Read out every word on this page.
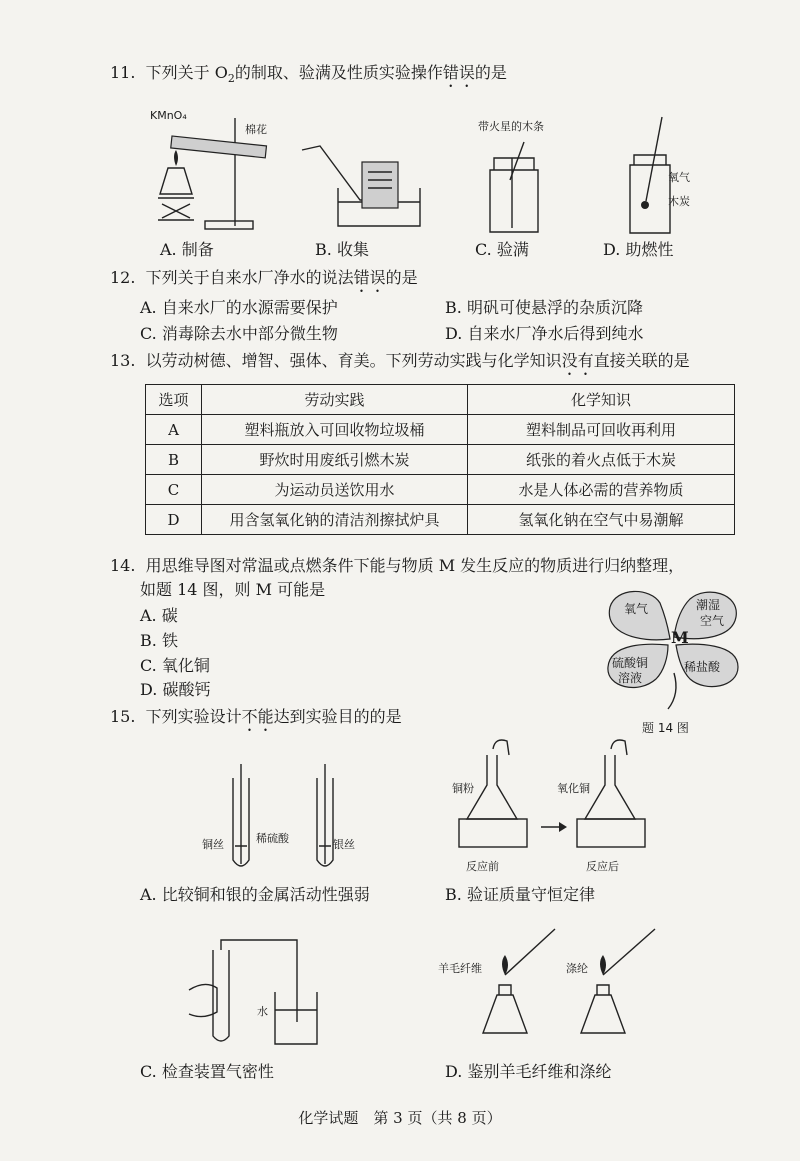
11. 下列关于 $O_2$的制取、验满及性质实验操作错误的是
KMnO₄
棉花	带火星的木条
氧气
木炭
A. 制备	B. 收集	C. 验满	D. 助燃性
12. 下列关于自来水厂净水的说法错误的是
A. 自来水厂的水源需要保护	B. 明矾可使悬浮的杂质沉降
C. 消毒除去水中部分微生物	D. 自来水厂净水后得到纯水
13. 以劳动树德、增智、强体、育美。下列劳动实践与化学知识没有直接关联的是
选项	劳动实践	化学知识
A	塑料瓶放入可回收物垃圾桶	塑料制品可回收再利用
B	野炊时用废纸引燃木炭	纸张的着火点低于木炭
C	为运动员送饮用水	水是人体必需的营养物质
D	用含氢氧化钠的清洁剂擦拭炉具	氢氧化钠在空气中易潮解
14. 用思维导图对常温或点燃条件下能与物质 M 发生反应的物质进行归纳整理，
如题 14 图，则 M 可能是
A. 碳
B. 铁
C. 氧化铜
D. 碳酸钙
M
氧气	潮湿
空气
硫酸铜
溶液
稀盐酸
题 14 图
15. 下列实验设计不能达到实验目的的是
铜丝	稀硫酸	银丝
铜粉	氧化铜
反应前	反应后
A. 比较铜和银的金属活动性强弱	B. 验证质量守恒定律
水
羊毛纤维	涤纶
C. 检查装置气密性	D. 鉴别羊毛纤维和涤纶
化学试题　第 3 页（共 8 页）
